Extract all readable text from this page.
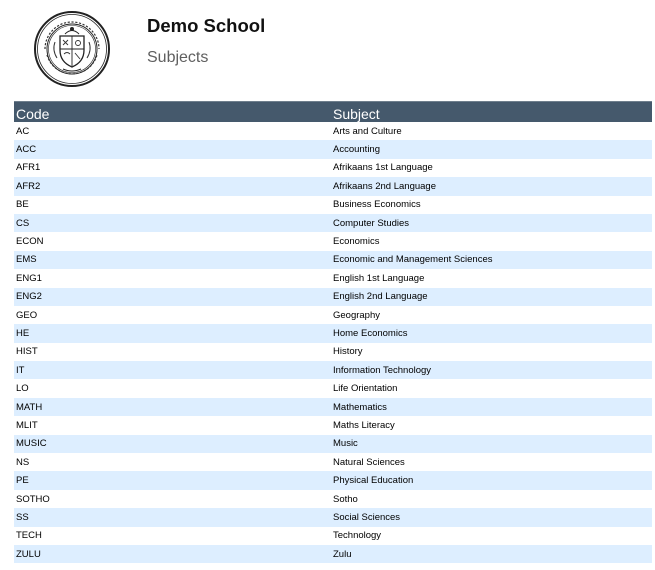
Demo School
Subjects
Code	Subject
AC	Arts and Culture
ACC	Accounting
AFR1	Afrikaans 1st Language
AFR2	Afrikaans 2nd Language
BE	Business Economics
CS	Computer Studies
ECON	Economics
EMS	Economic and Management Sciences
ENG1	English 1st Language
ENG2	English 2nd Language
GEO	Geography
HE	Home Economics
HIST	History
IT	Information Technology
LO	Life Orientation
MATH	Mathematics
MLIT	Maths Literacy
MUSIC	Music
NS	Natural Sciences
PE	Physical Education
SOTHO	Sotho
SS	Social Sciences
TECH	Technology
ZULU	Zulu
